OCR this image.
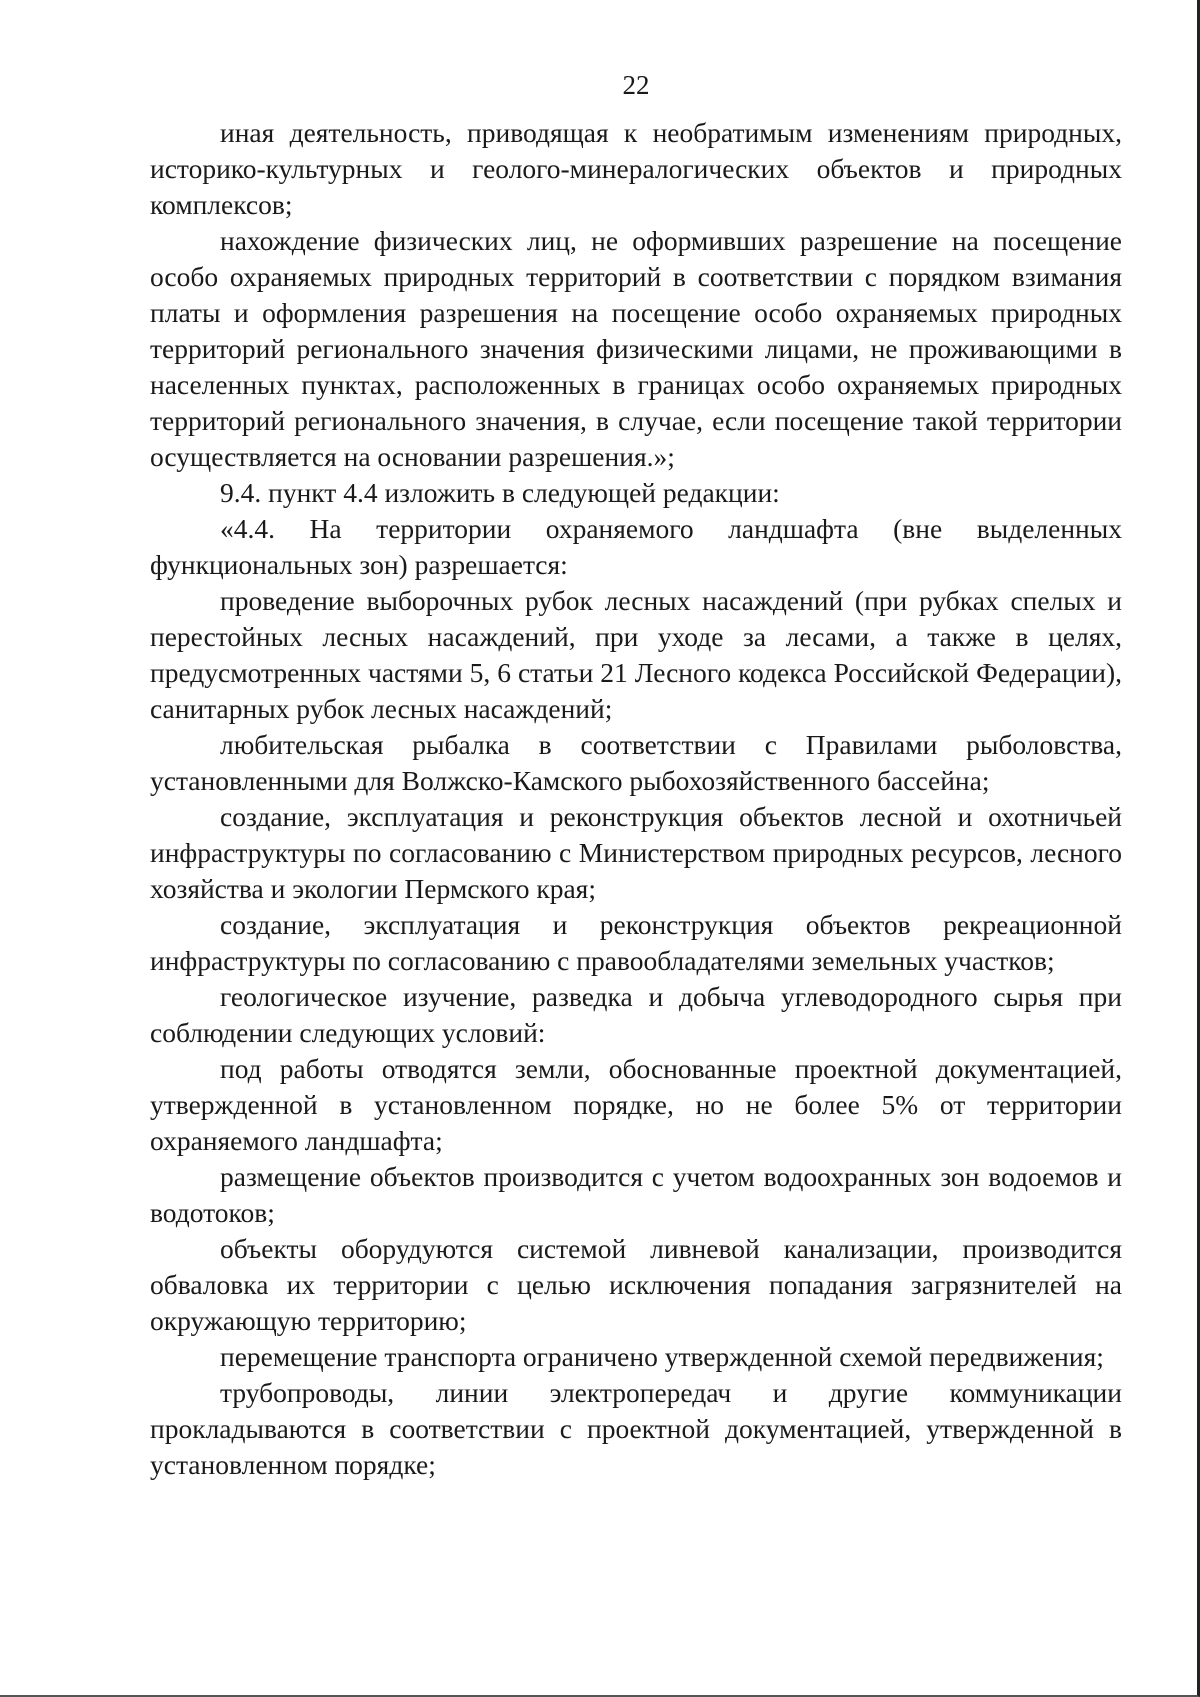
22

иная деятельность, приводящая к необратимым изменениям природных, историко-культурных и геолого-минералогических объектов и природных комплексов;

нахождение физических лиц, не оформивших разрешение на посещение особо охраняемых природных территорий в соответствии с порядком взимания платы и оформления разрешения на посещение особо охраняемых природных территорий регионального значения физическими лицами, не проживающими в населенных пунктах, расположенных в границах особо охраняемых природных территорий регионального значения, в случае, если посещение такой территории осуществляется на основании разрешения.»;

9.4. пункт 4.4 изложить в следующей редакции:

«4.4. На территории охраняемого ландшафта (вне выделенных функциональных зон) разрешается:

проведение выборочных рубок лесных насаждений (при рубках спелых и перестойных лесных насаждений, при уходе за лесами, а также в целях, предусмотренных частями 5, 6 статьи 21 Лесного кодекса Российской Федерации), санитарных рубок лесных насаждений;

любительская рыбалка в соответствии с Правилами рыболовства, установленными для Волжско-Камского рыбохозяйственного бассейна;

создание, эксплуатация и реконструкция объектов лесной и охотничьей инфраструктуры по согласованию с Министерством природных ресурсов, лесного хозяйства и экологии Пермского края;

создание, эксплуатация и реконструкция объектов рекреационной инфраструктуры по согласованию с правообладателями земельных участков;

геологическое изучение, разведка и добыча углеводородного сырья при соблюдении следующих условий:

под работы отводятся земли, обоснованные проектной документацией, утвержденной в установленном порядке, но не более 5% от территории охраняемого ландшафта;

размещение объектов производится с учетом водоохранных зон водоемов и водотоков;

объекты оборудуются системой ливневой канализации, производится обваловка их территории с целью исключения попадания загрязнителей на окружающую территорию;

перемещение транспорта ограничено утвержденной схемой передвижения;

трубопроводы, линии электропередач и другие коммуникации прокладываются в соответствии с проектной документацией, утвержденной в установленном порядке;
